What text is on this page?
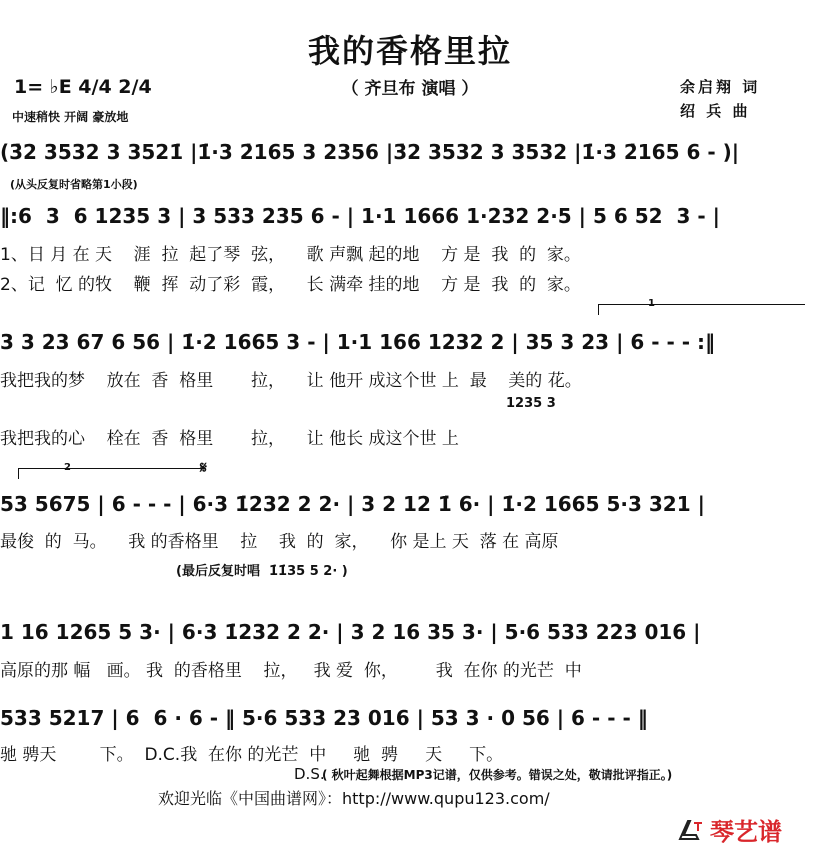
我的香格里拉
（ 齐旦布 演唱 ）
1= ♭E 4/4 2/4
中速稍快 开阔 豪放地
余启翔 词
绍 兵 曲
(3̇2 3532 3 3521̇ |1̇·3 2̇165 3 2356 |3̇2 3532 3 3532 |1̇·3 2̇165 6 - )|
(从头反复时省略第1小段)
‖:6  3  6 1235 3 | 3 533 235 6 - | 1·1 1666 1·232 2·5 | 5 6 52  3 - |
1、日 月 在 天    涯  拉  起了琴  弦，    歌 声飘 起的地    方 是  我  的  家。
2、记  忆 的牧    鞭  挥  动了彩  霞，    长 满牵 挂的地    方 是  我  的  家。
1
3 3 23 67 6 56 | 1̇·2 1665 3 - | 1·1 166 1232 2 | 35 3 23 | 6 - - - :‖
我把我的梦    放在  香  格里       拉，    让 他开 成这个世 上  最    美的 花。
1235 3
我把我的心    栓在  香  格里       拉，    让 他长 成这个世 上
2	𝄋
53 5675 | 6 - - - | 6·3 1̇232 2 2· | 3 2 12 1̇ 6· | 1̇·2 1665 5·3 321 |
最俊  的  马。    我 的香格里    拉    我  的  家，    你 是上 天  落 在 高原
(最后反复时唱  1̇1̇35 5 2· )
1 16 1265 5 3· | 6·3 1̇232 2 2· | 3 2 16 35 3· | 5·6 533 223 016 |
高原的那 幅   画。 我  的香格里    拉，   我 爱  你，       我  在你 的光芒  中
533 5217 | 6  6 · 6 - ‖ 5·6 533 23 016 | 53 3 · 0 56 | 6 - - - ‖
驰 骋天        下。  D.C.我  在你 的光芒  中     驰  骋     天     下。
D.S.
( 秋叶起舞根据MP3记谱，仅供参考。错误之处，敬请批评指正。)
欢迎光临《中国曲谱网》：http://www.qupu123.com/
琴艺谱
